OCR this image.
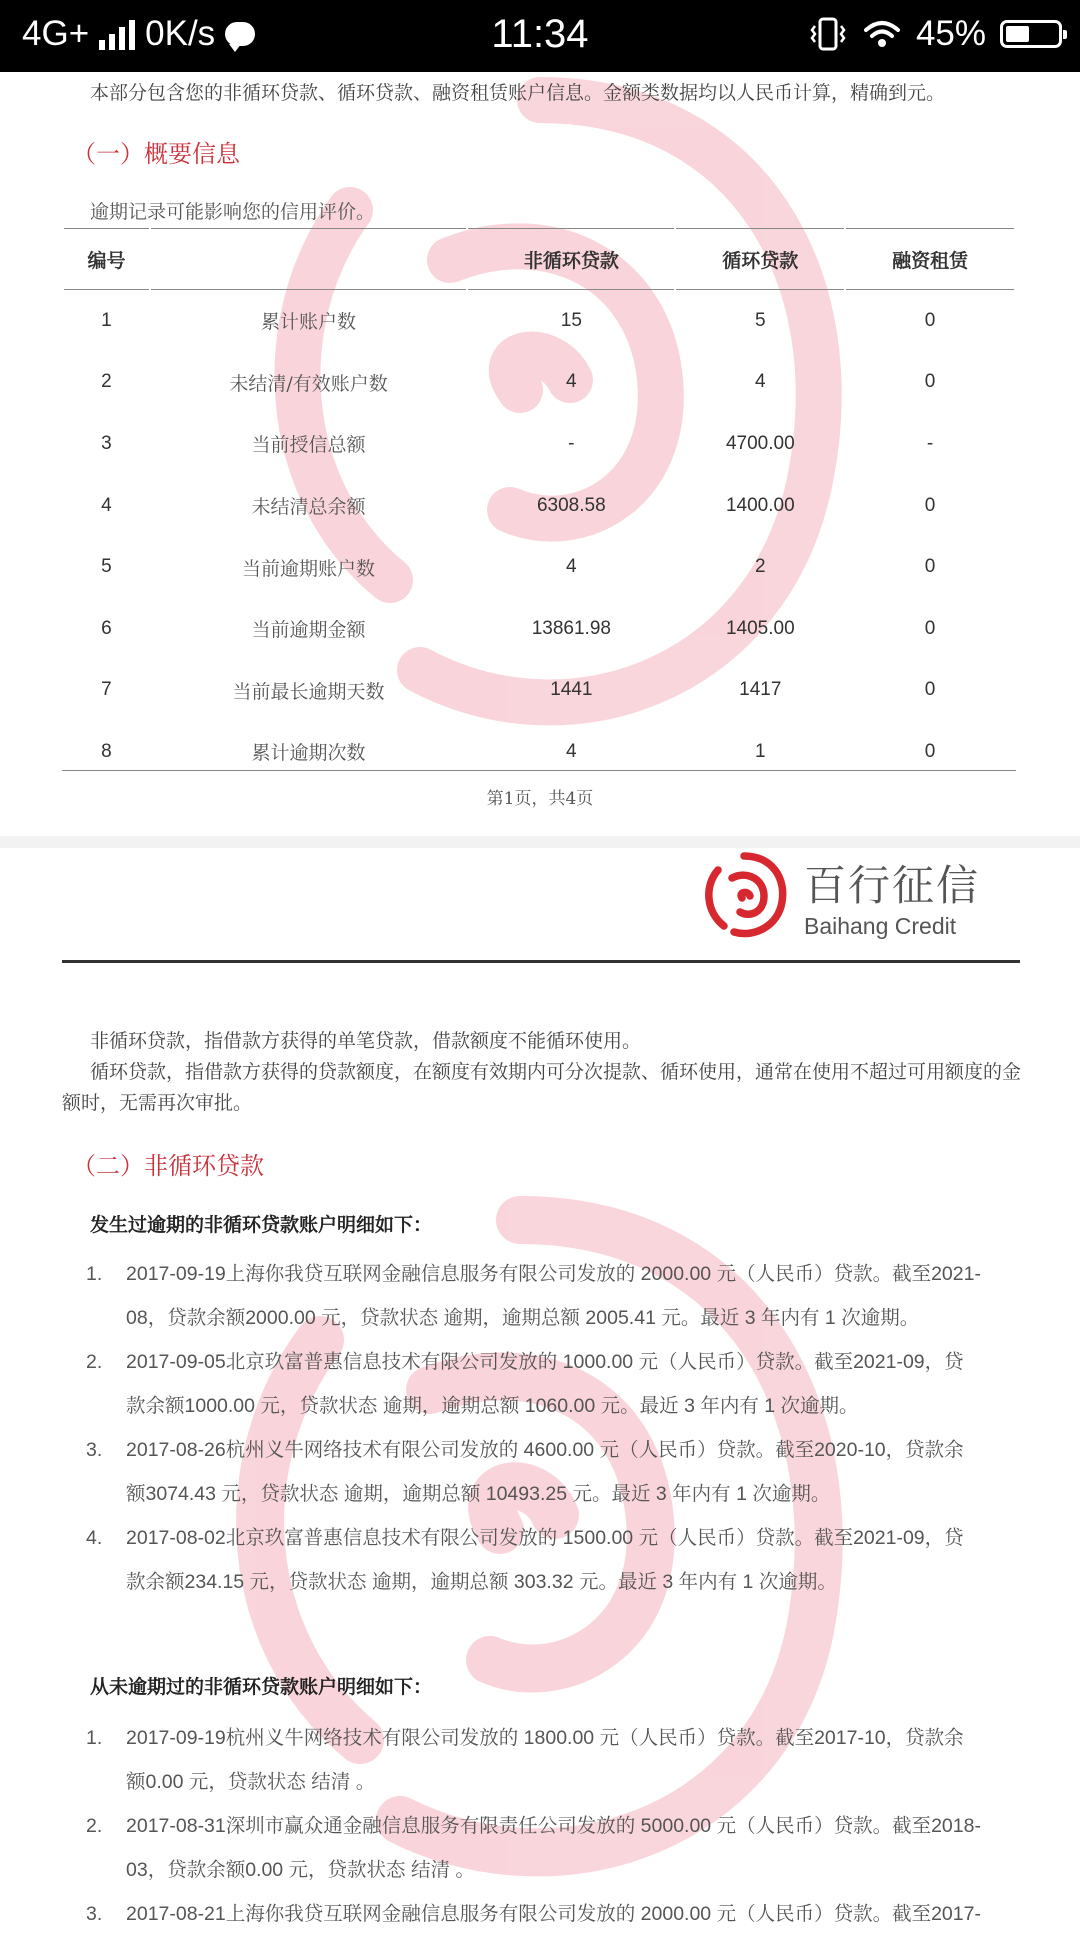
4G+ 0K/s	11:34	45%
本部分包含您的非循环贷款、循环贷款、融资租赁账户信息。金额类数据均以人民币计算，精确到元。
（一）概要信息
逾期记录可能影响您的信用评价。
编号		非循环贷款	循环贷款	融资租赁
1	累计账户数	15	5	0
2	未结清/有效账户数	4	4	0
3	当前授信总额	-	4700.00	-
4	未结清总余额	6308.58	1400.00	0
5	当前逾期账户数	4	2	0
6	当前逾期金额	13861.98	1405.00	0
7	当前最长逾期天数	1441	1417	0
8	累计逾期次数	4	1	0
第1页，共4页
百行征信
Baihang Credit
非循环贷款，指借款方获得的单笔贷款，借款额度不能循环使用。
循环贷款，指借款方获得的贷款额度，在额度有效期内可分次提款、循环使用，通常在使用不超过可用额度的金额时，无需再次审批。
（二）非循环贷款
发生过逾期的非循环贷款账户明细如下：
1. 2017-09-19上海你我贷互联网金融信息服务有限公司发放的 2000.00 元（人民币）贷款。截至2021-
08，贷款余额2000.00 元，贷款状态 逾期，逾期总额 2005.41 元。最近 3 年内有 1 次逾期。
2. 2017-09-05北京玖富普惠信息技术有限公司发放的 1000.00 元（人民币）贷款。截至2021-09，贷
款余额1000.00 元，贷款状态 逾期，逾期总额 1060.00 元。最近 3 年内有 1 次逾期。
3. 2017-08-26杭州义牛网络技术有限公司发放的 4600.00 元（人民币）贷款。截至2020-10，贷款余
额3074.43 元，贷款状态 逾期，逾期总额 10493.25 元。最近 3 年内有 1 次逾期。
4. 2017-08-02北京玖富普惠信息技术有限公司发放的 1500.00 元（人民币）贷款。截至2021-09，贷
款余额234.15 元，贷款状态 逾期，逾期总额 303.32 元。最近 3 年内有 1 次逾期。
从未逾期过的非循环贷款账户明细如下：
1. 2017-09-19杭州义牛网络技术有限公司发放的 1800.00 元（人民币）贷款。截至2017-10，贷款余
额0.00 元，贷款状态 结清 。
2. 2017-08-31深圳市赢众通金融信息服务有限责任公司发放的 5000.00 元（人民币）贷款。截至2018-
03，贷款余额0.00 元，贷款状态 结清 。
3. 2017-08-21上海你我贷互联网金融信息服务有限公司发放的 2000.00 元（人民币）贷款。截至2017-
